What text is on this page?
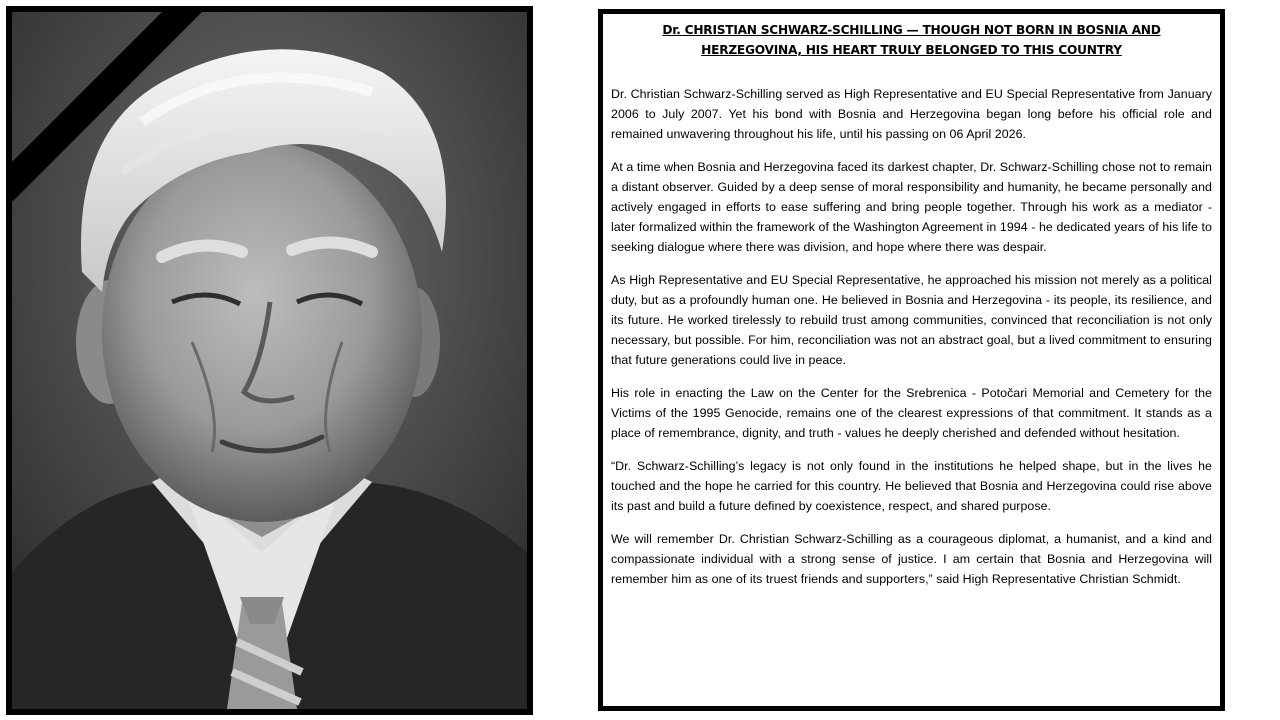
Dr. CHRISTIAN SCHWARZ-SCHILLING — THOUGH NOT BORN IN BOSNIA AND HERZEGOVINA, HIS HEART TRULY BELONGED TO THIS COUNTRY

Dr. Christian Schwarz-Schilling served as High Representative and EU Special Representative from January 2006 to July 2007. Yet his bond with Bosnia and Herzegovina began long before his official role and remained unwavering throughout his life, until his passing on 06 April 2026.

At a time when Bosnia and Herzegovina faced its darkest chapter, Dr. Schwarz-Schilling chose not to remain a distant observer. Guided by a deep sense of moral responsibility and humanity, he became personally and actively engaged in efforts to ease suffering and bring people together. Through his work as a mediator - later formalized within the framework of the Washington Agreement in 1994 - he dedicated years of his life to seeking dialogue where there was division, and hope where there was despair.

As High Representative and EU Special Representative, he approached his mission not merely as a political duty, but as a profoundly human one. He believed in Bosnia and Herzegovina - its people, its resilience, and its future. He worked tirelessly to rebuild trust among communities, convinced that reconciliation is not only necessary, but possible. For him, reconciliation was not an abstract goal, but a lived commitment to ensuring that future generations could live in peace.

His role in enacting the Law on the Center for the Srebrenica - Potočari Memorial and Cemetery for the Victims of the 1995 Genocide, remains one of the clearest expressions of that commitment. It stands as a place of remembrance, dignity, and truth - values he deeply cherished and defended without hesitation.

“Dr. Schwarz-Schilling’s legacy is not only found in the institutions he helped shape, but in the lives he touched and the hope he carried for this country. He believed that Bosnia and Herzegovina could rise above its past and build a future defined by coexistence, respect, and shared purpose.

We will remember Dr. Christian Schwarz-Schilling as a courageous diplomat, a humanist, and a kind and compassionate individual with a strong sense of justice. I am certain that Bosnia and Herzegovina will remember him as one of its truest friends and supporters,” said High Representative Christian Schmidt.
